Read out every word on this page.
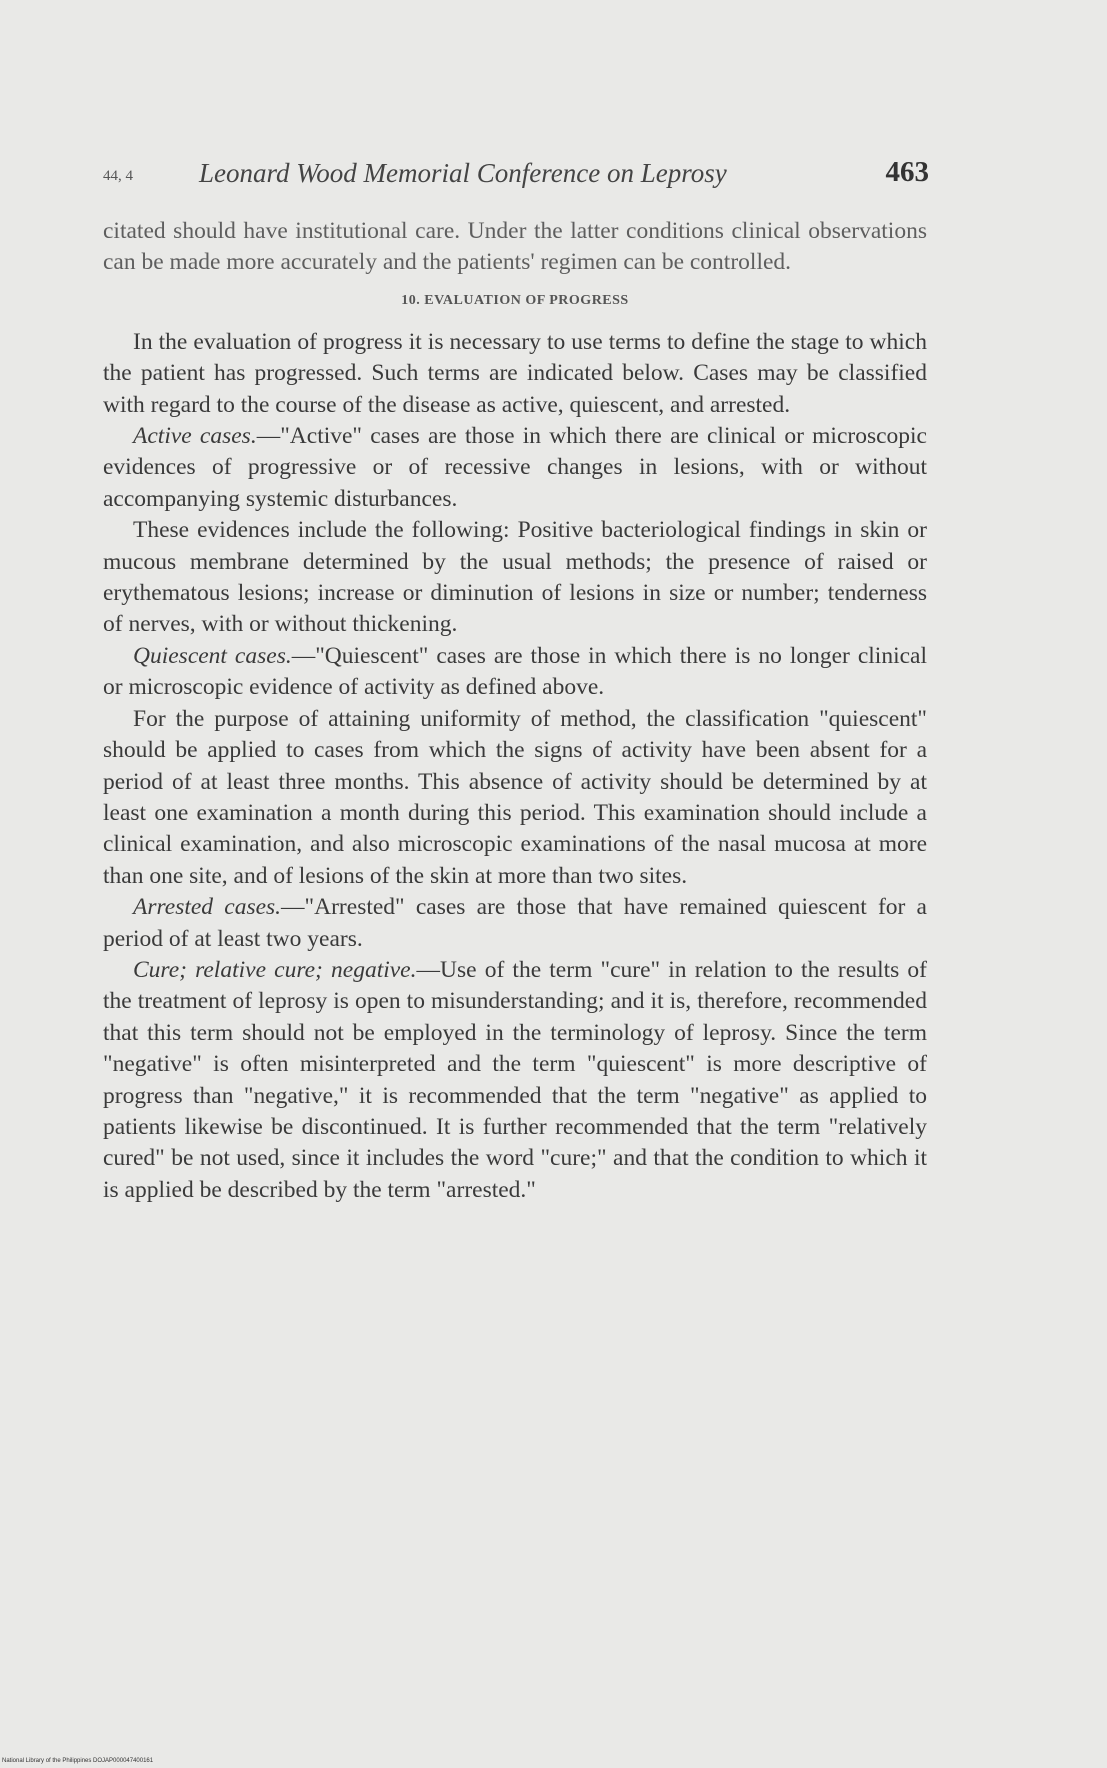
44, 4 Leonard Wood Memorial Conference on Leprosy	463

citated should have institutional care. Under the latter conditions clinical observations can be made more accurately and the patients' regimen can be controlled.

10. EVALUATION OF PROGRESS

In the evaluation of progress it is necessary to use terms to define the stage to which the patient has progressed. Such terms are indicated below. Cases may be classified with regard to the course of the disease as active, quiescent, and arrested.

Active cases.—"Active" cases are those in which there are clinical or microscopic evidences of progressive or of recessive changes in lesions, with or without accompanying systemic disturbances.

These evidences include the following: Positive bacteriological findings in skin or mucous membrane determined by the usual methods; the presence of raised or erythematous lesions; increase or diminution of lesions in size or number; tenderness of nerves, with or without thickening.

Quiescent cases.—"Quiescent" cases are those in which there is no longer clinical or microscopic evidence of activity as defined above.

For the purpose of attaining uniformity of method, the classification "quiescent" should be applied to cases from which the signs of activity have been absent for a period of at least three months. This absence of activity should be determined by at least one examination a month during this period. This examination should include a clinical examination, and also microscopic examinations of the nasal mucosa at more than one site, and of lesions of the skin at more than two sites.

Arrested cases.—"Arrested" cases are those that have remained quiescent for a period of at least two years.

Cure; relative cure; negative.—Use of the term "cure" in relation to the results of the treatment of leprosy is open to misunderstanding; and it is, therefore, recommended that this term should not be employed in the terminology of leprosy. Since the term "negative" is often misinterpreted and the term "quiescent" is more descriptive of progress than "negative," it is recommended that the term "negative" as applied to patients likewise be discontinued. It is further recommended that the term "relatively cured" be not used, since it includes the word "cure;" and that the condition to which it is applied be described by the term "arrested."

National Library of the Philippines DOJAP000047400161
